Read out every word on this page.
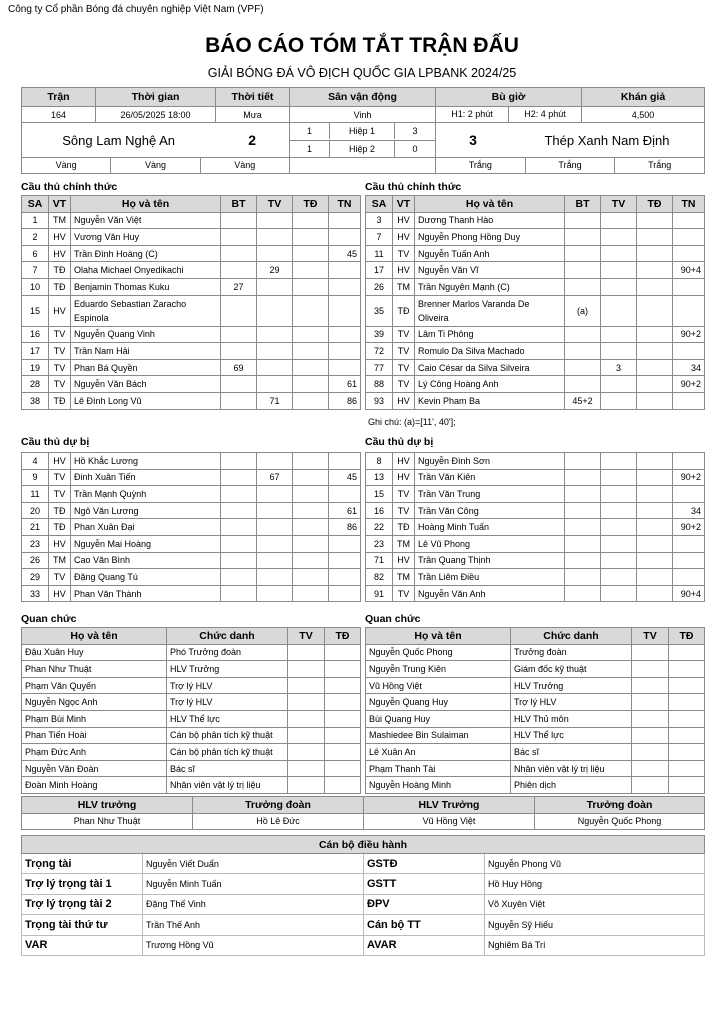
Công ty Cổ phần Bóng đá chuyên nghiệp Việt Nam (VPF)
BÁO CÁO TÓM TẮT TRẬN ĐẤU
GIẢI BÓNG ĐÁ VÔ ĐỊCH QUỐC GIA LPBANK 2024/25
Trận	Thời gian	Thời tiết	Sân vận động	Bù giờ	Khán giả
164	26/05/2025 18:00	Mưa	Vinh	H1: 2 phút H2: 4 phút	4,500

Sông Lam Nghệ An 2			1 Hiệp 1 3	3 Thép Xanh Nam Định	

			1 Hiệp 2 0		

Vàng Vàng Vàng				Trắng Trắng Trắng	
Cầu thủ chính thức	Cầu thủ chính thức
SA	VT	Họ và tên	BT	TV	TĐ	TN
1	TM	Nguyễn Văn Việt				
2	HV	Vương Văn Huy				
6	HV	Trần Đình Hoàng (C)				45
7	TĐ	Olaha Michael Onyedikachi		29		
10	TĐ	Benjamin Thomas Kuku	27			
15	HV	Eduardo Sebastian Zaracho Espinola				
16	TV	Nguyễn Quang Vinh				
17	TV	Trần Nam Hải				
19	TV	Phan Bá Quyền	69			
28	TV	Nguyễn Văn Bách				61
38	TĐ	Lê Đình Long Vũ		71		86
SA	VT	Họ và tên	BT	TV	TĐ	TN
3	HV	Dương Thanh Hào				
7	HV	Nguyễn Phong Hồng Duy				
11	TV	Nguyễn Tuấn Anh				
17	HV	Nguyễn Văn Vĩ				90+4
26	TM	Trần Nguyên Mạnh (C)				
35	TĐ	Brenner Marlos Varanda De Oliveira	(a)			
39	TV	Lâm Ti Phông				90+2
72	TV	Romulo Da Silva Machado				
77	TV	Caio César da Silva Silveira		3		34
88	TV	Lý Công Hoàng Anh				90+2
93	HV	Kevin Pham Ba	45+2			
Ghi chú: (a)=[11', 40'];
Cầu thủ dự bị	Cầu thủ dự bị
4	HV	Hồ Khắc Lương				
9	TV	Đinh Xuân Tiến		67		45
11	TV	Trần Mạnh Quỳnh				
20	TĐ	Ngô Văn Lương				61
21	TĐ	Phan Xuân Đại				86
23	HV	Nguyễn Mai Hoàng				
26	TM	Cao Văn Bình				
29	TV	Đặng Quang Tú				
33	HV	Phan Văn Thành				
8	HV	Nguyễn Đình Sơn				
13	HV	Trần Văn Kiên				90+2
15	TV	Trần Văn Trung				
16	TV	Trần Văn Công				34
22	TĐ	Hoàng Minh Tuấn				90+2
23	TM	Lê Vũ Phong				
71	HV	Trần Quang Thịnh				
82	TM	Trần Liêm Điều				
91	TV	Nguyễn Văn Anh				90+4
Quan chức	Quan chức
Họ và tên	Chức danh	TV	TĐ
Đậu Xuân Huy	Phó Trưởng đoàn		
Phan Như Thuật	HLV Trưởng		
Phạm Văn Quyến	Trợ lý HLV		
Nguyễn Ngọc Anh	Trợ lý HLV		
Phạm Bùi Minh	HLV Thể lực		
Phan Tiến Hoài	Cán bộ phân tích kỹ thuật		
Phạm Đức Anh	Cán bộ phân tích kỹ thuật		
Nguyễn Văn Đoàn	Bác sĩ		
Đoàn Minh Hoàng	Nhân viên vật lý trị liệu		
Họ và tên	Chức danh	TV	TĐ
Nguyễn Quốc Phong	Trưởng đoàn		
Nguyễn Trung Kiên	Giám đốc kỹ thuật		
Vũ Hồng Việt	HLV Trưởng		
Nguyễn Quang Huy	Trợ lý HLV		
Bùi Quang Huy	HLV Thủ môn		
Mashiedee Bin Sulaiman	HLV Thể lực		
Lê Xuân An	Bác sĩ		
Phạm Thanh Tài	Nhân viên vật lý trị liệu		
Nguyễn Hoàng Minh	Phiên dịch		
HLV trưởng	Trưởng đoàn	HLV Trưởng	Trưởng đoàn
Phan Như Thuật	Hồ Lê Đức	Vũ Hồng Việt	Nguyễn Quốc Phong
Cán bộ điều hành			
Trọng tài	Nguyễn Viết Duẩn	GSTĐ	Nguyễn Phong Vũ
Trợ lý trọng tài 1	Nguyễn Minh Tuấn	GSTT	Hồ Huy Hồng
Trợ lý trọng tài 2	Đặng Thế Vinh	ĐPV	Võ Xuyên Việt
Trọng tài thứ tư	Trần Thế Anh	Cán bộ TT	Nguyễn Sỹ Hiếu
VAR	Trương Hồng Vũ	AVAR	Nghiêm Bá Trí
